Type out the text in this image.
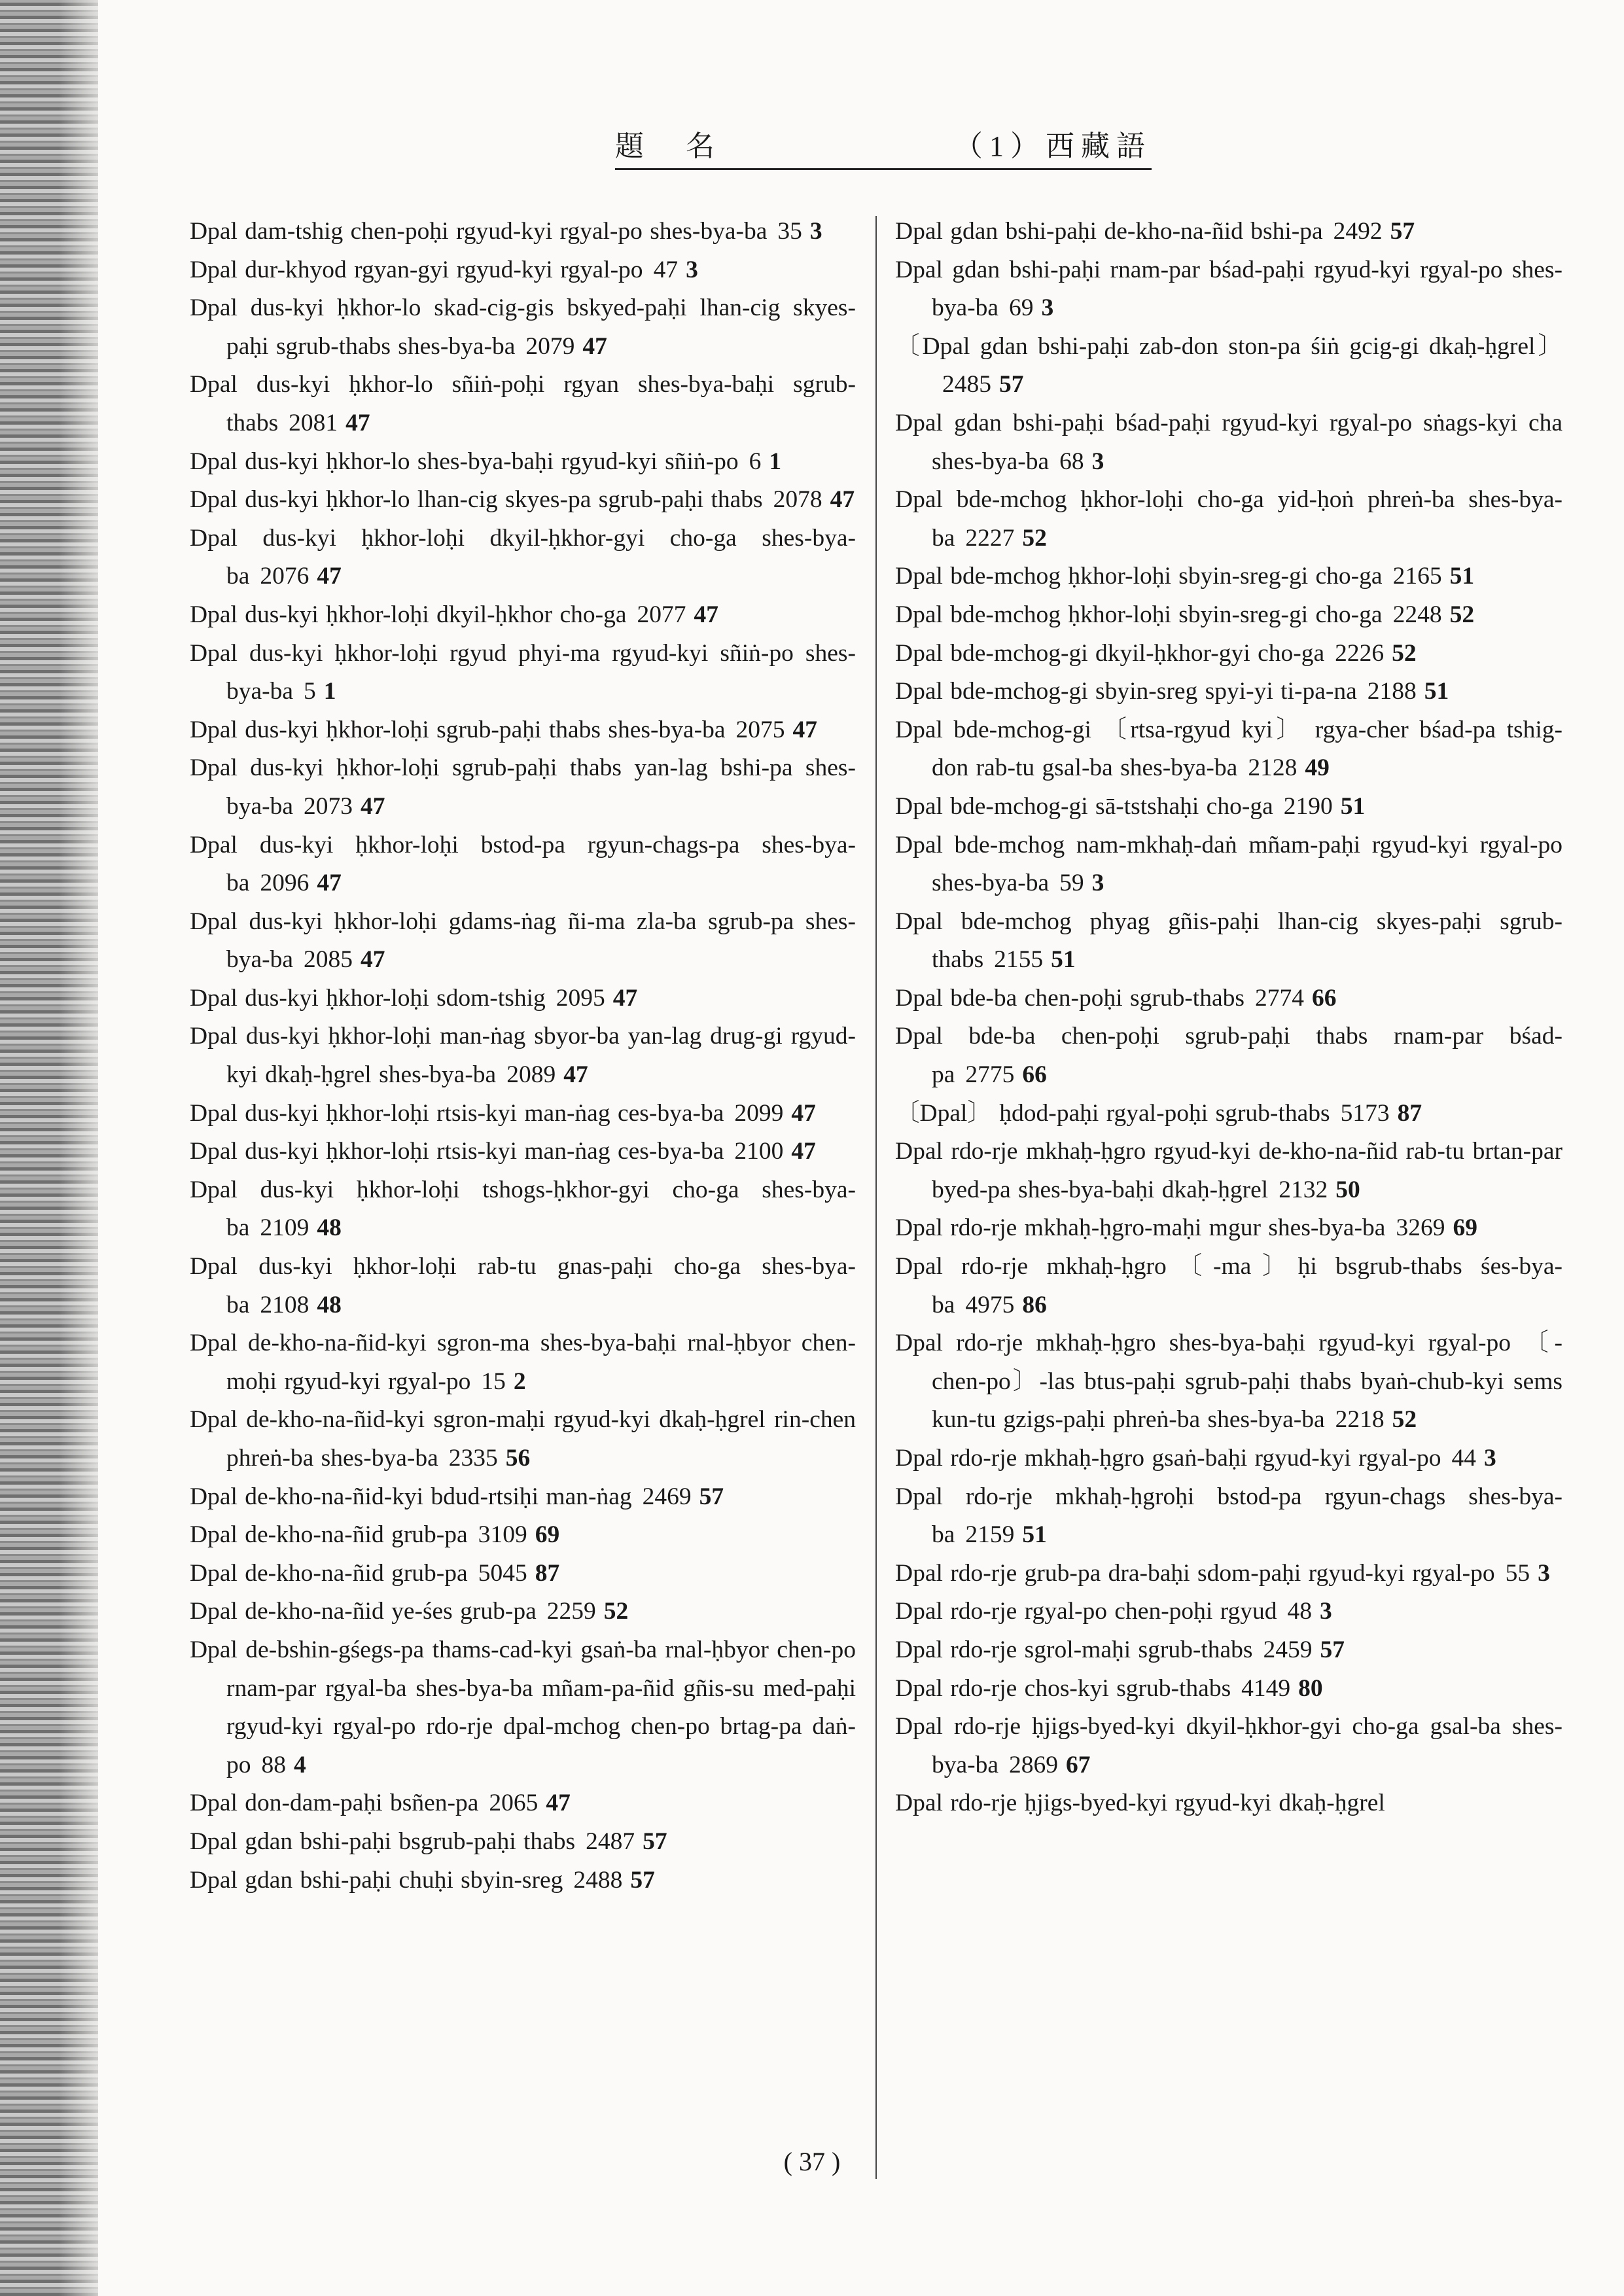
題　名	（1）西藏語

Dpal dam-tshig chen-poḥi rgyud-kyi rgyal-po shes-bya-ba 35 3

Dpal dur-khyod rgyan-gyi rgyud-kyi rgyal-po 47 3

Dpal dus-kyi ḥkhor-lo skad-cig-gis bskyed-paḥi lhan-cig skyes-paḥi sgrub-thabs shes-bya-ba 2079 47

Dpal dus-kyi ḥkhor-lo sñiṅ-poḥi rgyan shes-bya-baḥi sgrub-thabs 2081 47

Dpal dus-kyi ḥkhor-lo shes-bya-baḥi rgyud-kyi sñiṅ-po 6 1

Dpal dus-kyi ḥkhor-lo lhan-cig skyes-pa sgrub-paḥi thabs 2078 47

Dpal dus-kyi ḥkhor-loḥi dkyil-ḥkhor-gyi cho-ga shes-bya-ba 2076 47

Dpal dus-kyi ḥkhor-loḥi dkyil-ḥkhor cho-ga 2077 47

Dpal dus-kyi ḥkhor-loḥi rgyud phyi-ma rgyud-kyi sñiṅ-po shes-bya-ba 5 1

Dpal dus-kyi ḥkhor-loḥi sgrub-paḥi thabs shes-bya-ba 2075 47

Dpal dus-kyi ḥkhor-loḥi sgrub-paḥi thabs yan-lag bshi-pa shes-bya-ba 2073 47

Dpal dus-kyi ḥkhor-loḥi bstod-pa rgyun-chags-pa shes-bya-ba 2096 47

Dpal dus-kyi ḥkhor-loḥi gdams-ṅag ñi-ma zla-ba sgrub-pa shes-bya-ba 2085 47

Dpal dus-kyi ḥkhor-loḥi sdom-tshig 2095 47

Dpal dus-kyi ḥkhor-loḥi man-ṅag sbyor-ba yan-lag drug-gi rgyud-kyi dkaḥ-ḥgrel shes-bya-ba 2089 47

Dpal dus-kyi ḥkhor-loḥi rtsis-kyi man-ṅag ces-bya-ba 2099 47

Dpal dus-kyi ḥkhor-loḥi rtsis-kyi man-ṅag ces-bya-ba 2100 47

Dpal dus-kyi ḥkhor-loḥi tshogs-ḥkhor-gyi cho-ga shes-bya-ba 2109 48

Dpal dus-kyi ḥkhor-loḥi rab-tu gnas-paḥi cho-ga shes-bya-ba 2108 48

Dpal de-kho-na-ñid-kyi sgron-ma shes-bya-baḥi rnal-ḥbyor chen-moḥi rgyud-kyi rgyal-po 15 2

Dpal de-kho-na-ñid-kyi sgron-maḥi rgyud-kyi dkaḥ-ḥgrel rin-chen phreṅ-ba shes-bya-ba 2335 56

Dpal de-kho-na-ñid-kyi bdud-rtsiḥi man-ṅag 2469 57

Dpal de-kho-na-ñid grub-pa 3109 69

Dpal de-kho-na-ñid grub-pa 5045 87

Dpal de-kho-na-ñid ye-śes grub-pa 2259 52

Dpal de-bshin-gśegs-pa thams-cad-kyi gsaṅ-ba rnal-ḥbyor chen-po rnam-par rgyal-ba shes-bya-ba mñam-pa-ñid gñis-su med-paḥi rgyud-kyi rgyal-po rdo-rje dpal-mchog chen-po brtag-pa daṅ-po 88 4

Dpal don-dam-paḥi bsñen-pa 2065 47

Dpal gdan bshi-paḥi bsgrub-paḥi thabs 2487 57

Dpal gdan bshi-paḥi chuḥi sbyin-sreg 2488 57

Dpal gdan bshi-paḥi de-kho-na-ñid bshi-pa 2492 57

Dpal gdan bshi-paḥi rnam-par bśad-paḥi rgyud-kyi rgyal-po shes-bya-ba 69 3

〔Dpal gdan bshi-paḥi zab-don ston-pa śiṅ gcig-gi dkaḥ-ḥgrel〕2485 57

Dpal gdan bshi-paḥi bśad-paḥi rgyud-kyi rgyal-po sṅags-kyi cha shes-bya-ba 68 3

Dpal bde-mchog ḥkhor-loḥi cho-ga yid-ḥoṅ phreṅ-ba shes-bya-ba 2227 52

Dpal bde-mchog ḥkhor-loḥi sbyin-sreg-gi cho-ga 2165 51

Dpal bde-mchog ḥkhor-loḥi sbyin-sreg-gi cho-ga 2248 52

Dpal bde-mchog-gi dkyil-ḥkhor-gyi cho-ga 2226 52

Dpal bde-mchog-gi sbyin-sreg spyi-yi ti-pa-na 2188 51

Dpal bde-mchog-gi 〔rtsa-rgyud kyi〕 rgya-cher bśad-pa tshig-don rab-tu gsal-ba shes-bya-ba 2128 49

Dpal bde-mchog-gi sā-tstshaḥi cho-ga 2190 51

Dpal bde-mchog nam-mkhaḥ-daṅ mñam-paḥi rgyud-kyi rgyal-po shes-bya-ba 59 3

Dpal bde-mchog phyag gñis-paḥi lhan-cig skyes-paḥi sgrub-thabs 2155 51

Dpal bde-ba chen-poḥi sgrub-thabs 2774 66

Dpal bde-ba chen-poḥi sgrub-paḥi thabs rnam-par bśad-pa 2775 66

〔Dpal〕 ḥdod-paḥi rgyal-poḥi sgrub-thabs 5173 87

Dpal rdo-rje mkhaḥ-ḥgro rgyud-kyi de-kho-na-ñid rab-tu brtan-par byed-pa shes-bya-baḥi dkaḥ-ḥgrel 2132 50

Dpal rdo-rje mkhaḥ-ḥgro-maḥi mgur shes-bya-ba 3269 69

Dpal rdo-rje mkhaḥ-ḥgro〔-ma〕ḥi bsgrub-thabs śes-bya-ba 4975 86

Dpal rdo-rje mkhaḥ-ḥgro shes-bya-baḥi rgyud-kyi rgyal-po 〔-chen-po〕-las btus-paḥi sgrub-paḥi thabs byaṅ-chub-kyi sems kun-tu gzigs-paḥi phreṅ-ba shes-bya-ba 2218 52

Dpal rdo-rje mkhaḥ-ḥgro gsaṅ-baḥi rgyud-kyi rgyal-po 44 3

Dpal rdo-rje mkhaḥ-ḥgroḥi bstod-pa rgyun-chags shes-bya-ba 2159 51

Dpal rdo-rje grub-pa dra-baḥi sdom-paḥi rgyud-kyi rgyal-po 55 3

Dpal rdo-rje rgyal-po chen-poḥi rgyud 48 3

Dpal rdo-rje sgrol-maḥi sgrub-thabs 2459 57

Dpal rdo-rje chos-kyi sgrub-thabs 4149 80

Dpal rdo-rje ḥjigs-byed-kyi dkyil-ḥkhor-gyi cho-ga gsal-ba shes-bya-ba 2869 67

Dpal rdo-rje ḥjigs-byed-kyi rgyud-kyi dkaḥ-ḥgrel

( 37 )
